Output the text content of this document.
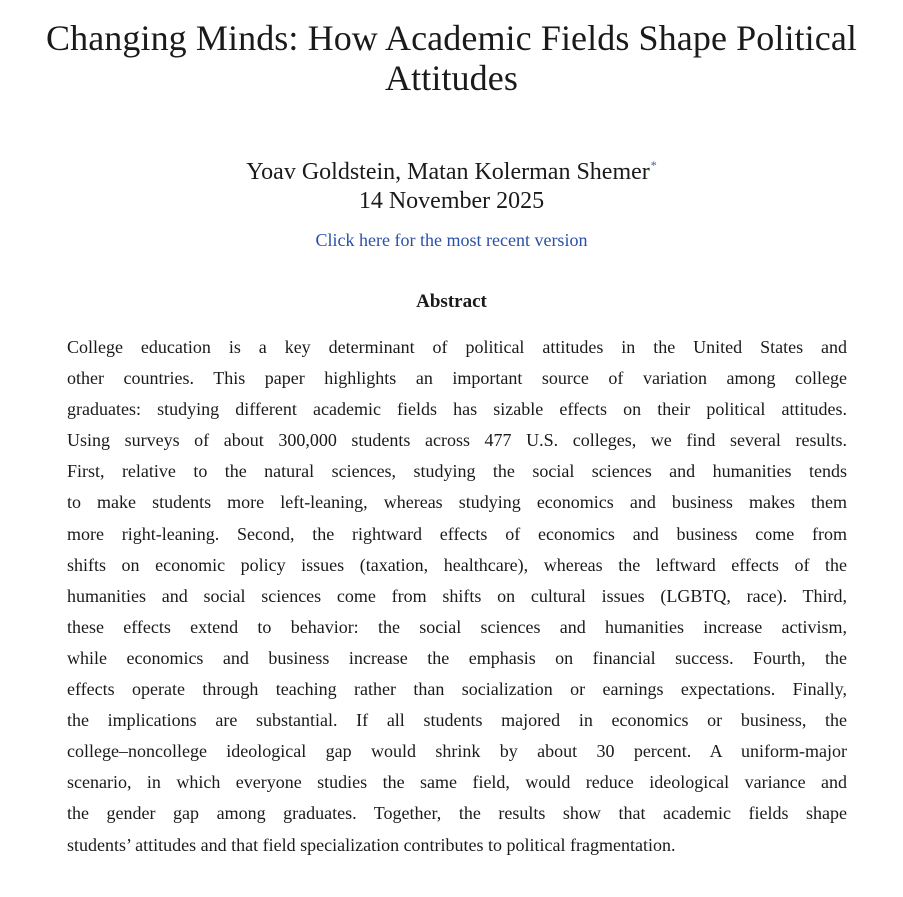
Changing Minds: How Academic Fields Shape Political
Attitudes
Yoav Goldstein, Matan Kolerman Shemer*
14 November 2025
Click here for the most recent version
Abstract
College education is a key determinant of political attitudes in the United States and
other countries. This paper highlights an important source of variation among college
graduates: studying different academic fields has sizable effects on their political attitudes.
Using surveys of about 300,000 students across 477 U.S. colleges, we find several results.
First, relative to the natural sciences, studying the social sciences and humanities tends
to make students more left-leaning, whereas studying economics and business makes them
more right-leaning. Second, the rightward effects of economics and business come from
shifts on economic policy issues (taxation, healthcare), whereas the leftward effects of the
humanities and social sciences come from shifts on cultural issues (LGBTQ, race). Third,
these effects extend to behavior: the social sciences and humanities increase activism,
while economics and business increase the emphasis on financial success. Fourth, the
effects operate through teaching rather than socialization or earnings expectations. Finally,
the implications are substantial. If all students majored in economics or business, the
college–noncollege ideological gap would shrink by about 30 percent. A uniform-major
scenario, in which everyone studies the same field, would reduce ideological variance and
the gender gap among graduates. Together, the results show that academic fields shape
students’ attitudes and that field specialization contributes to political fragmentation.
